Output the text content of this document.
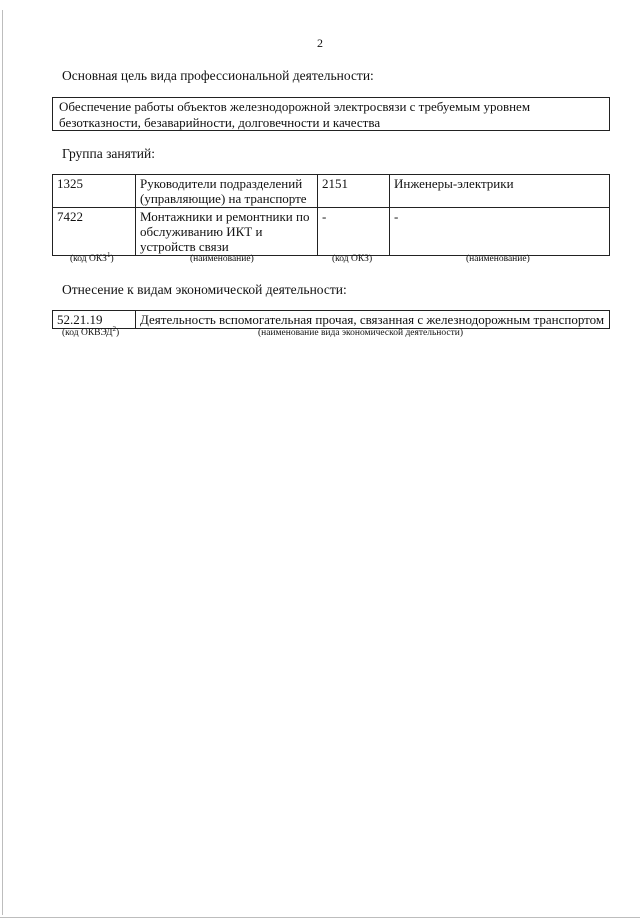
2
Основная цель вида профессиональной деятельности:
Обеспечение работы объектов железнодорожной электросвязи с требуемым уровнем безотказности, безаварийности, долговечности и качества
Группа занятий:
1325	Руководители подразделений (управляющие) на транспорте	2151	Инженеры-электрики
7422	Монтажники и ремонтники по обслуживанию ИКТ и устройств связи	-	-
(код ОКЗ$^1$)	(наименование)	(код ОКЗ)	(наименование)
Отнесение к видам экономической деятельности:
52.21.19	Деятельность вспомогательная прочая, связанная с железнодорожным транспортом
(код ОКВЭД$^2$)	(наименование вида экономической деятельности)
